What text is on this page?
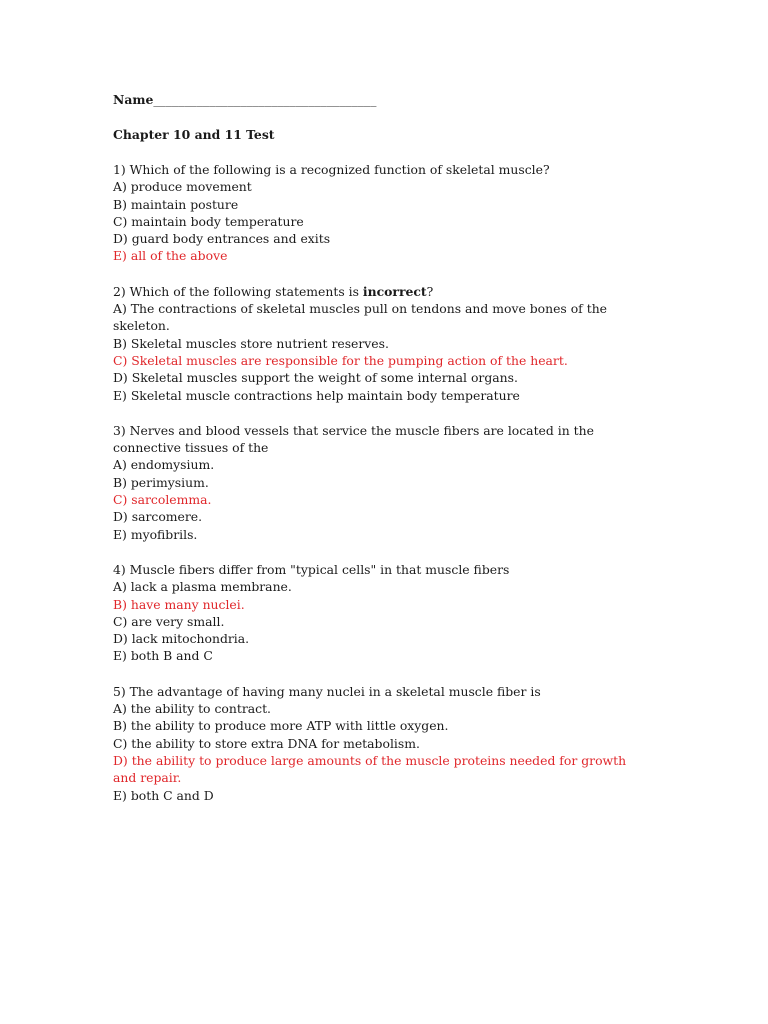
Name____________________________________
Chapter 10 and 11 Test
1) Which of the following is a recognized function of skeletal muscle?
A) produce movement
B) maintain posture
C) maintain body temperature
D) guard body entrances and exits
E) all of the above
2) Which of the following statements is incorrect?
A) The contractions of skeletal muscles pull on tendons and move bones of the skeleton.
B) Skeletal muscles store nutrient reserves.
C) Skeletal muscles are responsible for the pumping action of the heart.
D) Skeletal muscles support the weight of some internal organs.
E) Skeletal muscle contractions help maintain body temperature
3) Nerves and blood vessels that service the muscle fibers are located in the connective tissues of the
A) endomysium.
B) perimysium.
C) sarcolemma.
D) sarcomere.
E) myofibrils.
4) Muscle fibers differ from "typical cells" in that muscle fibers
A) lack a plasma membrane.
B) have many nuclei.
C) are very small.
D) lack mitochondria.
E) both B and C
5) The advantage of having many nuclei in a skeletal muscle fiber is
A) the ability to contract.
B) the ability to produce more ATP with little oxygen.
C) the ability to store extra DNA for metabolism.
D) the ability to produce large amounts of the muscle proteins needed for growth and repair.
E) both C and D
